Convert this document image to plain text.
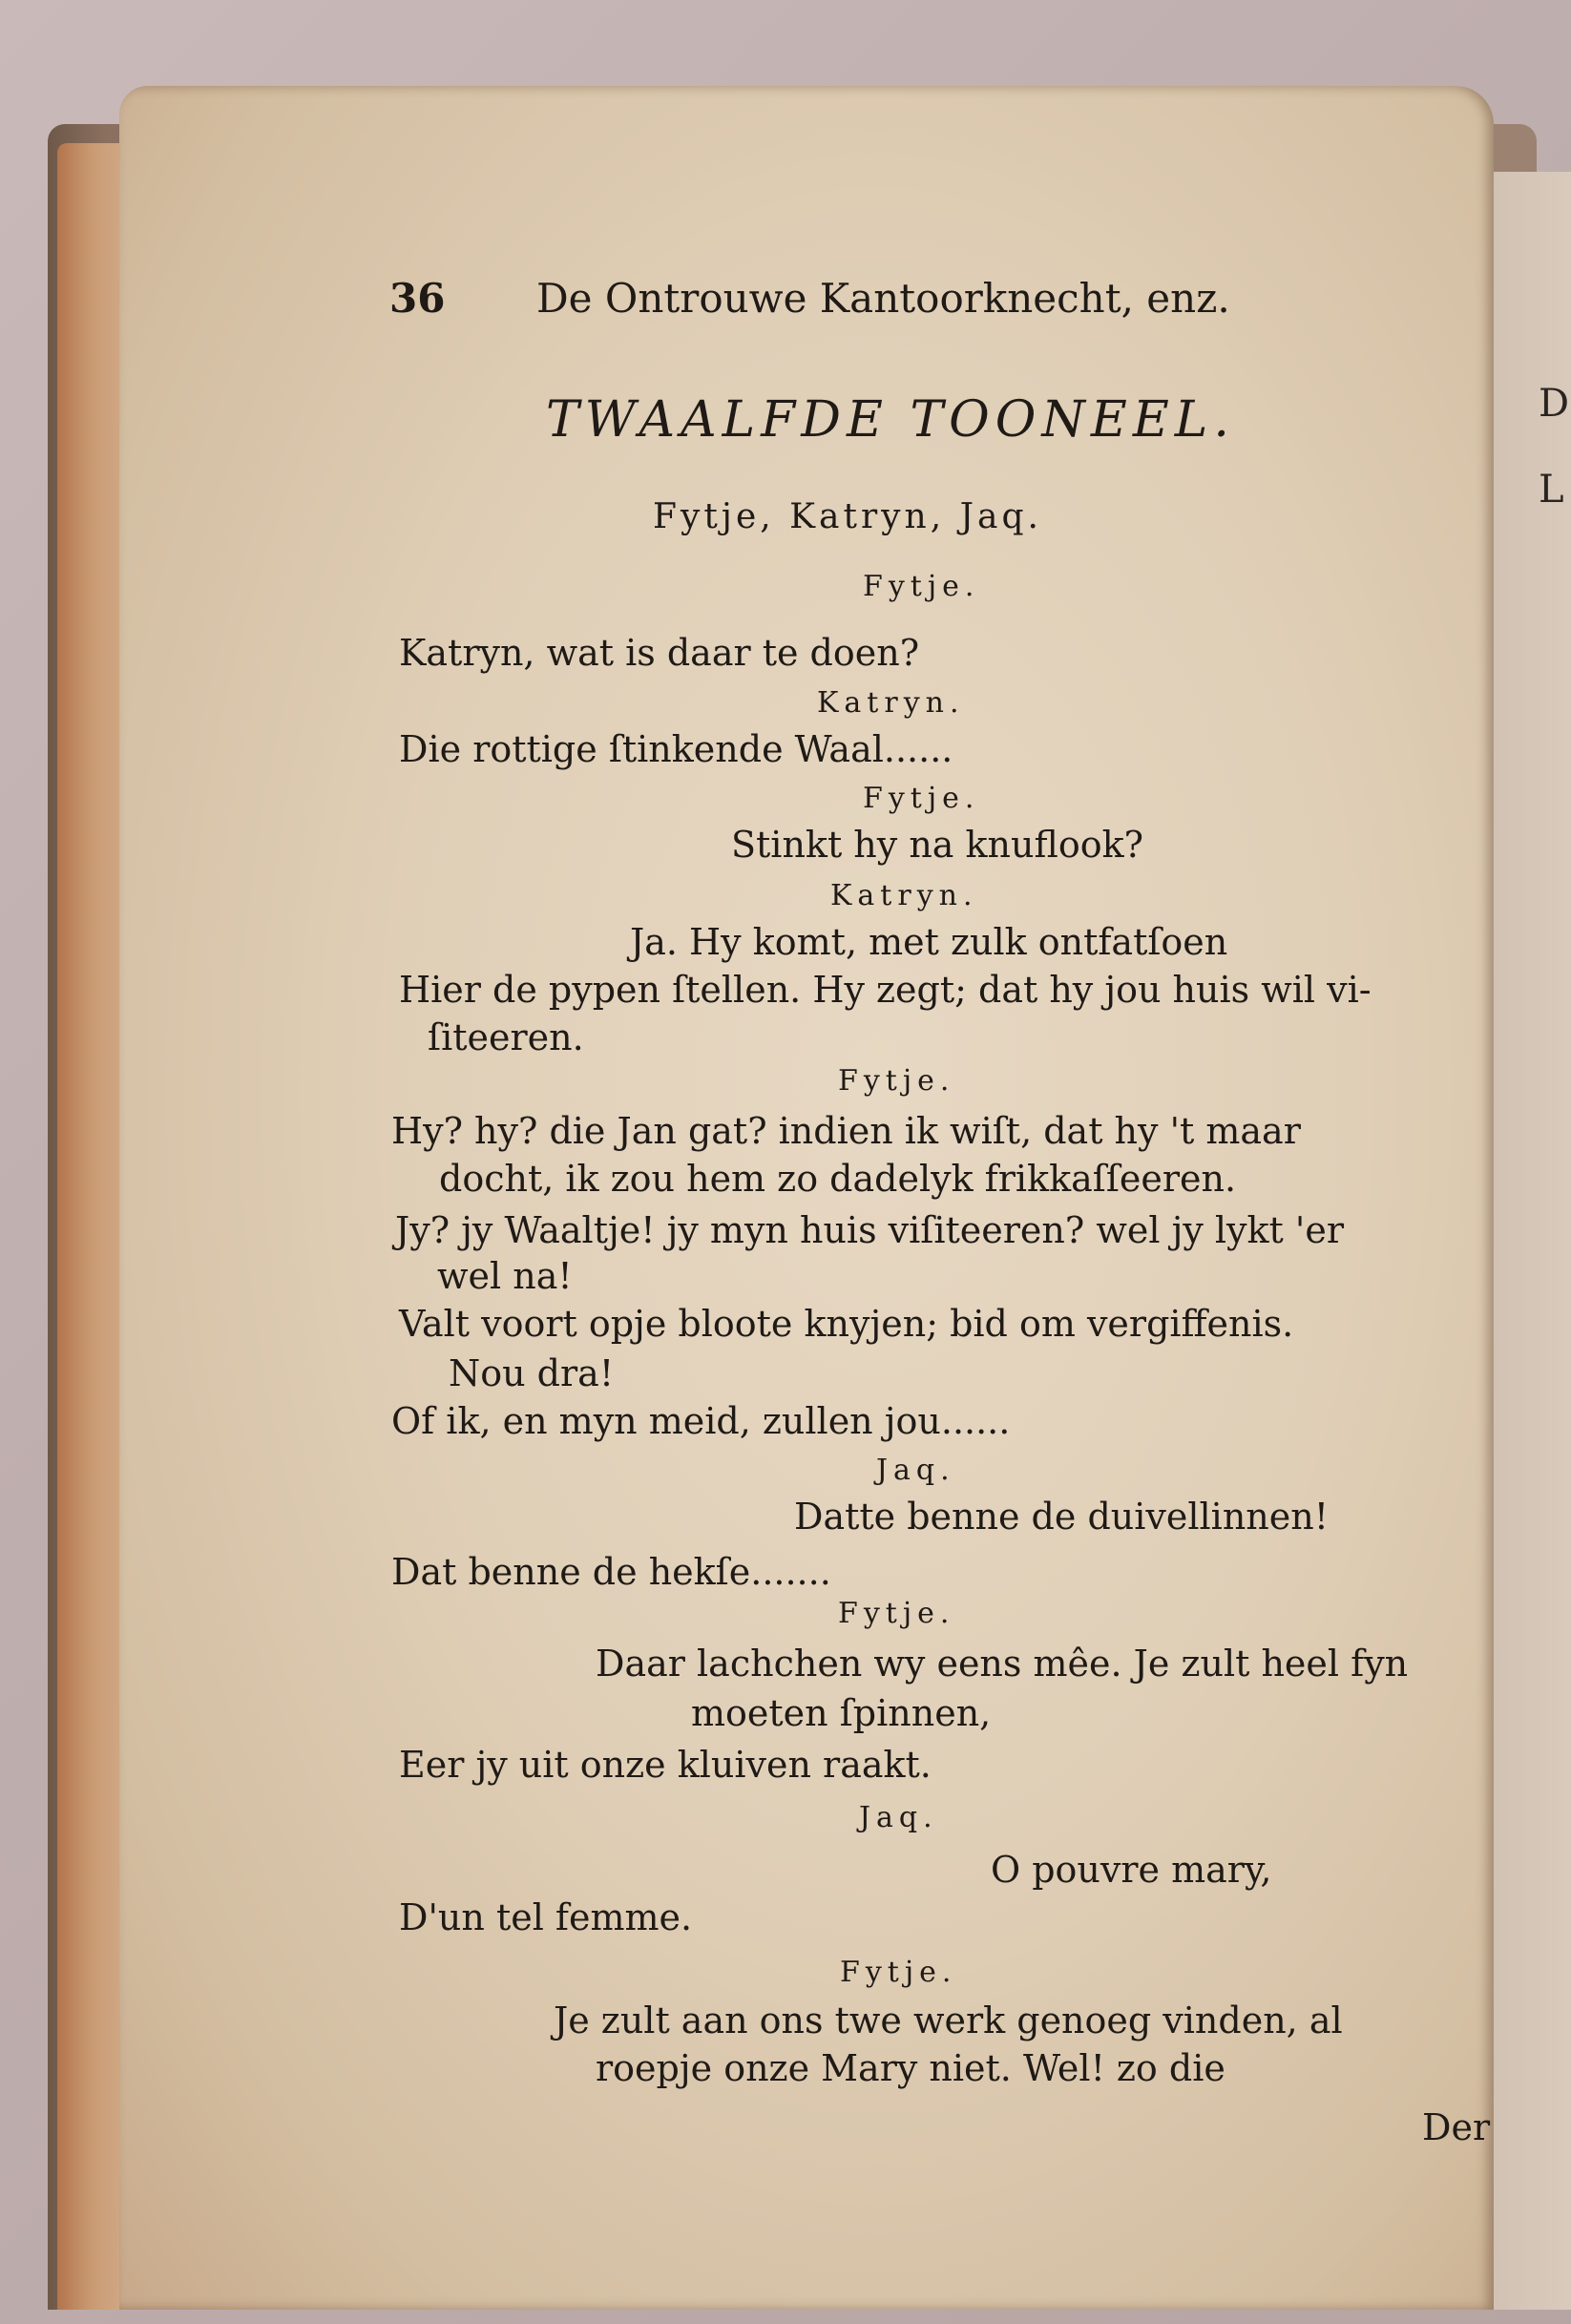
D
L
36 De Ontrouwe Kantoorknecht, enz.
TWAALFDE TOONEEL.
Fytje, Katryn, Jaq.
Fytje.
Katryn, wat is daar te doen?
Katryn.
Die rottige ſtinkende Waal......
Fytje.
Stinkt hy na knuflook?
Katryn.
Ja. Hy komt, met zulk ontfatſoen
Hier de pypen ſtellen. Hy zegt; dat hy jou huis wil vi-
ſiteeren.
Fytje.
Hy? hy? die Jan gat? indien ik wiſt, dat hy 't maar
docht, ik zou hem zo dadelyk frikkaſſeeren.
Jy? jy Waaltje! jy myn huis viſiteeren? wel jy lykt 'er
wel na!
Valt voort opje bloote knyjen; bid om vergiffenis.
Nou dra!
Of ik, en myn meid, zullen jou......
Jaq.
Datte benne de duivellinnen!
Dat benne de hekſe.......
Fytje.
Daar lachchen wy eens mêe. Je zult heel fyn
moeten ſpinnen,
Eer jy uit onze kluiven raakt.
Jaq.
O pouvre mary,
D'un tel femme.
Fytje.
Je zult aan ons twe werk genoeg vinden, al
roepje onze Mary niet. Wel! zo die
Der
